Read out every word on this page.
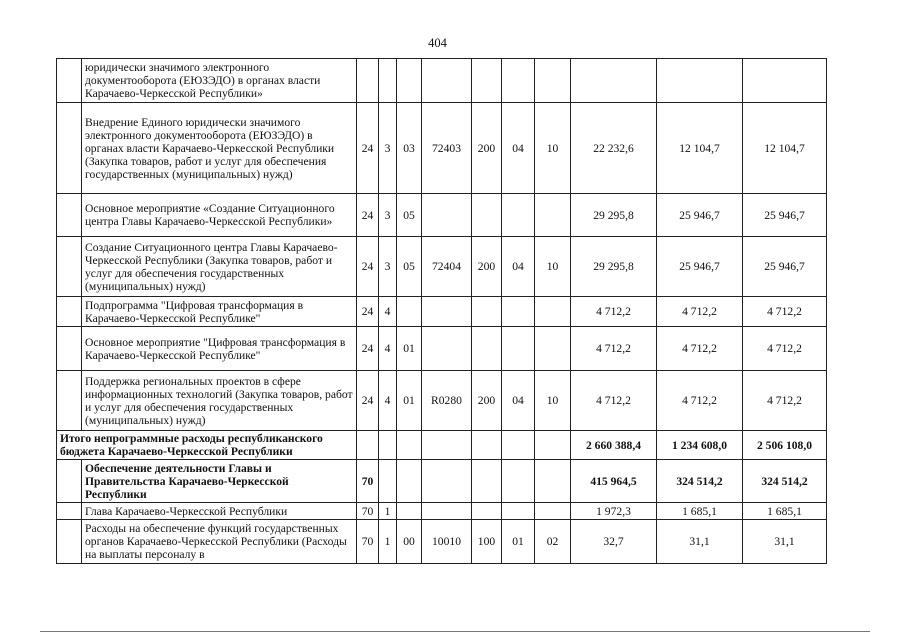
404
	юридически значимого электронного документооборота (ЕЮЗЭДО) в органах власти Карачаево-Черкесской Республики»										
	Внедрение Единого юридически значимого электронного документооборота (ЕЮЗЭДО) в органах власти Карачаево-Черкесской Республики (Закупка товаров, работ и услуг для обеспечения государственных (муниципальных) нужд)	24	3	03	72403	200	04	10	22 232,6	12 104,7	12 104,7
	Основное мероприятие «Создание Ситуационного центра Главы Карачаево-Черкесской Республики»	24	3	05					29 295,8	25 946,7	25 946,7
	Создание Ситуационного центра Главы Карачаево-Черкесской Республики (Закупка товаров, работ и услуг для обеспечения государственных (муниципальных) нужд)	24	3	05	72404	200	04	10	29 295,8	25 946,7	25 946,7
	Подпрограмма "Цифровая трансформация в Карачаево-Черкесской Республике"	24	4						4 712,2	4 712,2	4 712,2
	Основное мероприятие "Цифровая трансформация в Карачаево-Черкесской Республике"	24	4	01					4 712,2	4 712,2	4 712,2
	Поддержка региональных проектов в сфере информационных технологий (Закупка товаров, работ и услуг для обеспечения государственных (муниципальных) нужд)	24	4	01	R0280	200	04	10	4 712,2	4 712,2	4 712,2
Итого непрограммные расходы республиканского бюджета Карачаево-Черкесской Республики									2 660 388,4	1 234 608,0	2 506 108,0
	Обеспечение деятельности Главы и Правительства Карачаево-Черкесской Республики	70							415 964,5	324 514,2	324 514,2
	Глава Карачаево-Черкесской Республики	70	1						1 972,3	1 685,1	1 685,1
	Расходы на обеспечение функций государственных органов Карачаево-Черкесской Республики (Расходы на выплаты персоналу в	70	1	00	10010	100	01	02	32,7	31,1	31,1
